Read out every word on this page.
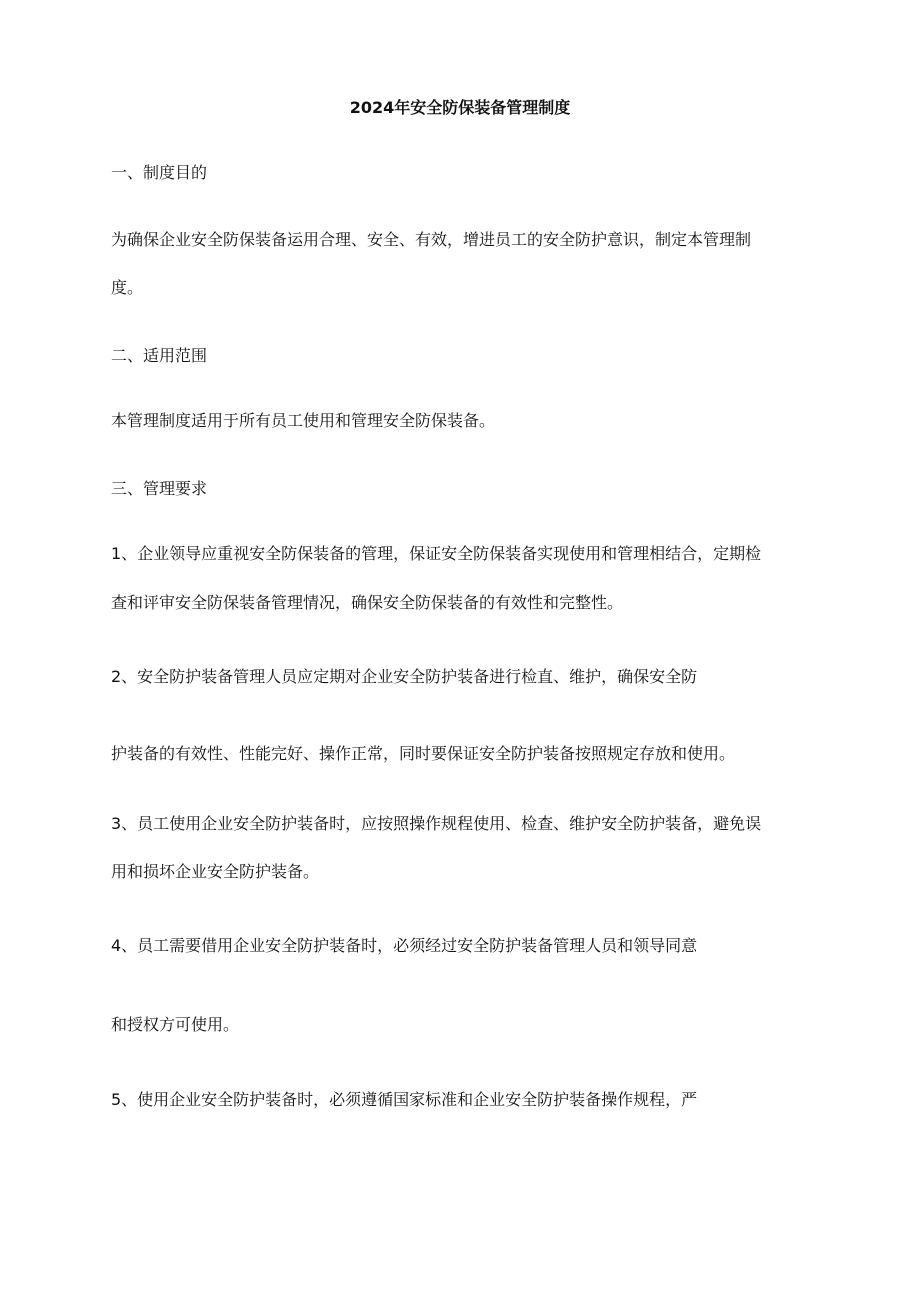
2024年安全防保装备管理制度
一、制度目的
为确保企业安全防保装备运用合理、安全、有效，增进员工的安全防护意识，制定本管理制
度。
二、适用范围
本管理制度适用于所有员工使用和管理安全防保装备。
三、管理要求
1、企业领导应重视安全防保装备的管理，保证安全防保装备实现使用和管理相结合，定期检
查和评审安全防保装备管理情况，确保安全防保装备的有效性和完整性。
2、安全防护装备管理人员应定期对企业安全防护装备进行检直、维护，确保安全防
护装备的有效性、性能完好、操作正常，同时要保证安全防护装备按照规定存放和使用。
3、员工使用企业安全防护装备时，应按照操作规程使用、检查、维护安全防护装备，避免误
用和损坏企业安全防护装备。
4、员工需要借用企业安全防护装备时，必须经过安全防护装备管理人员和领导同意
和授权方可使用。
5、使用企业安全防护装备时，必须遵循国家标准和企业安全防护装备操作规程，严
